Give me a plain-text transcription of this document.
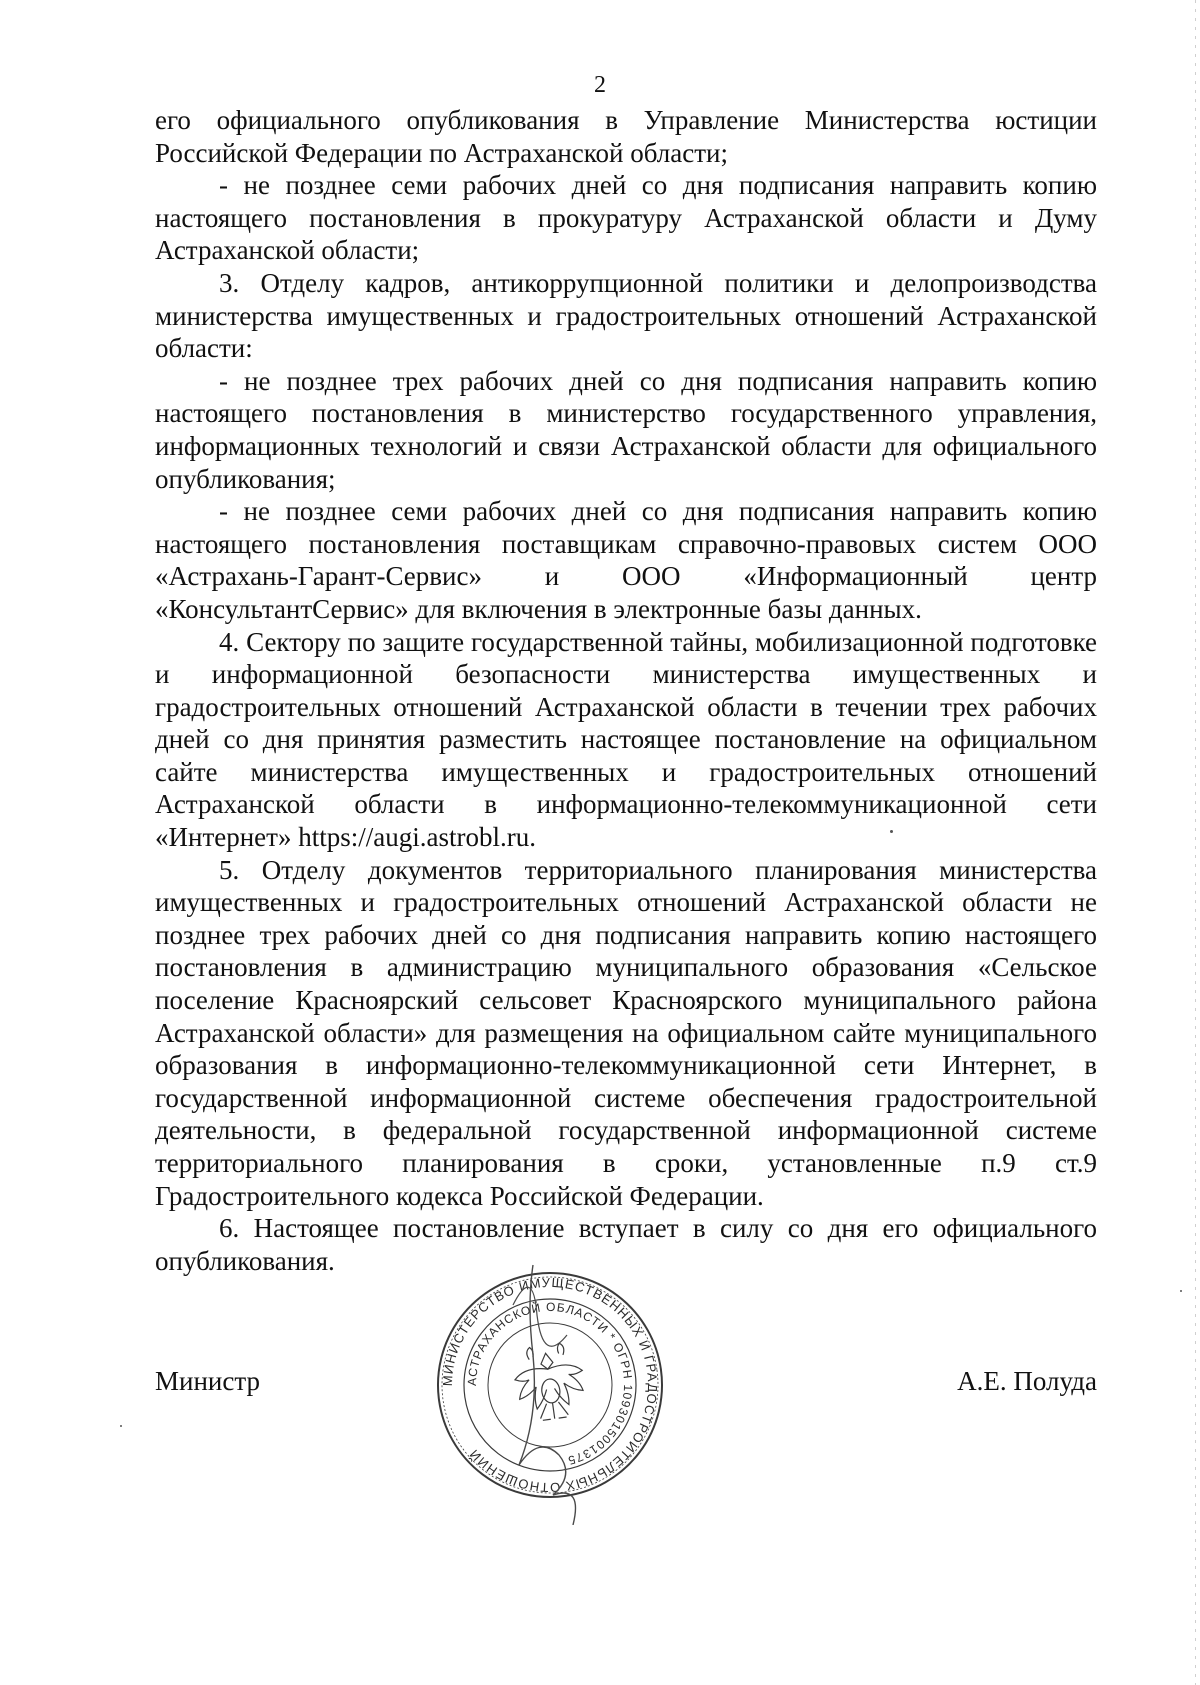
2

его официального опубликования в Управление Министерства юстиции Российской Федерации по Астраханской области;

- не позднее семи рабочих дней со дня подписания направить копию настоящего постановления в прокуратуру Астраханской области и Думу Астраханской области;

3. Отделу кадров, антикоррупционной политики и делопроизводства министерства имущественных и градостроительных отношений Астраханской области:

- не позднее трех рабочих дней со дня подписания направить копию настоящего постановления в министерство государственного управления, информационных технологий и связи Астраханской области для официального опубликования;

- не позднее семи рабочих дней со дня подписания направить копию настоящего постановления поставщикам справочно-правовых систем ООО «Астрахань-Гарант-Сервис» и ООО «Информационный центр «КонсультантСервис» для включения в электронные базы данных.

4. Сектору по защите государственной тайны, мобилизационной подготовке и информационной безопасности министерства имущественных и градостроительных отношений Астраханской области в течении трех рабочих дней со дня принятия разместить настоящее постановление на официальном сайте министерства имущественных и градостроительных отношений Астраханской области в информационно-телекоммуникационной сети «Интернет» https://augi.astrobl.ru.

5. Отделу документов территориального планирования министерства имущественных и градостроительных отношений Астраханской области не позднее трех рабочих дней со дня подписания направить копию настоящего постановления в администрацию муниципального образования «Сельское поселение Красноярский сельсовет Красноярского муниципального района Астраханской области» для размещения на официальном сайте муниципального образования в информационно-телекоммуникационной сети Интернет, в государственной информационной системе обеспечения градостроительной деятельности, в федеральной государственной информационной системе территориального планирования в сроки, установленные п.9 ст.9 Градостроительного кодекса Российской Федерации.

6. Настоящее постановление вступает в силу со дня его официального опубликования.

МИНИСТЕРСТВО ИМУЩЕСТВЕННЫХ И ГРАДОСТРОИТЕЛЬНЫХ ОТНОШЕНИЙ
АСТРАХАНСКОЙ ОБЛАСТИ * ОГРН 1093015001375
Министр	А.Е. Полуда
